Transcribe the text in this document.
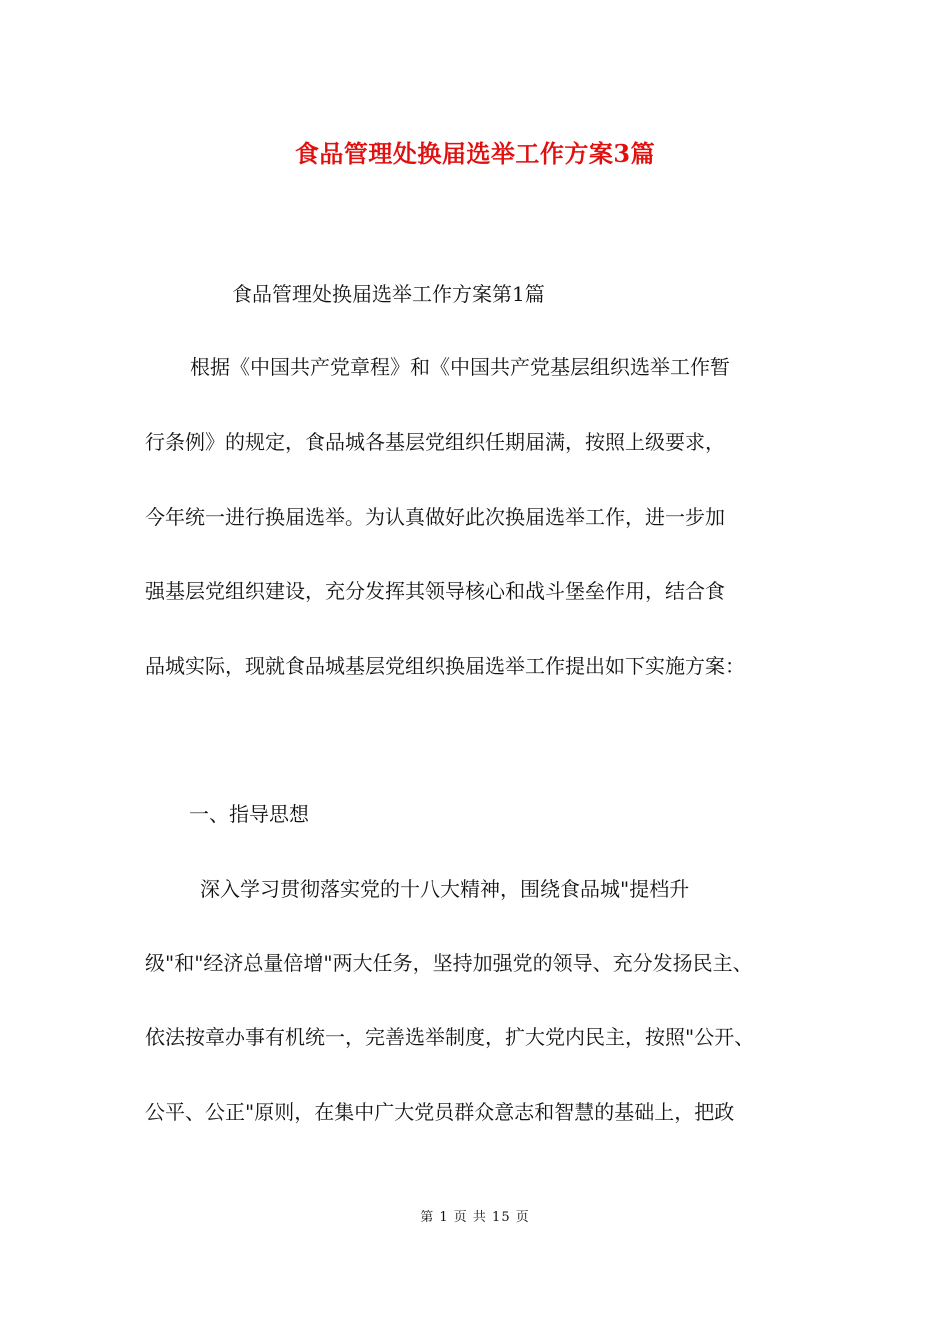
食品管理处换届选举工作方案3篇
食品管理处换届选举工作方案第1篇
根据《中国共产党章程》和《中国共产党基层组织选举工作暂
行条例》的规定，食品城各基层党组织任期届满，按照上级要求，
今年统一进行换届选举。为认真做好此次换届选举工作，进一步加
强基层党组织建设，充分发挥其领导核心和战斗堡垒作用，结合食
品城实际，现就食品城基层党组织换届选举工作提出如下实施方案：
一、指导思想
深入学习贯彻落实党的十八大精神，围绕食品城"提档升
级"和"经济总量倍增"两大任务，坚持加强党的领导、充分发扬民主、
依法按章办事有机统一，完善选举制度，扩大党内民主，按照"公开、
公平、公正"原则，在集中广大党员群众意志和智慧的基础上，把政
第 1 页 共 15 页
